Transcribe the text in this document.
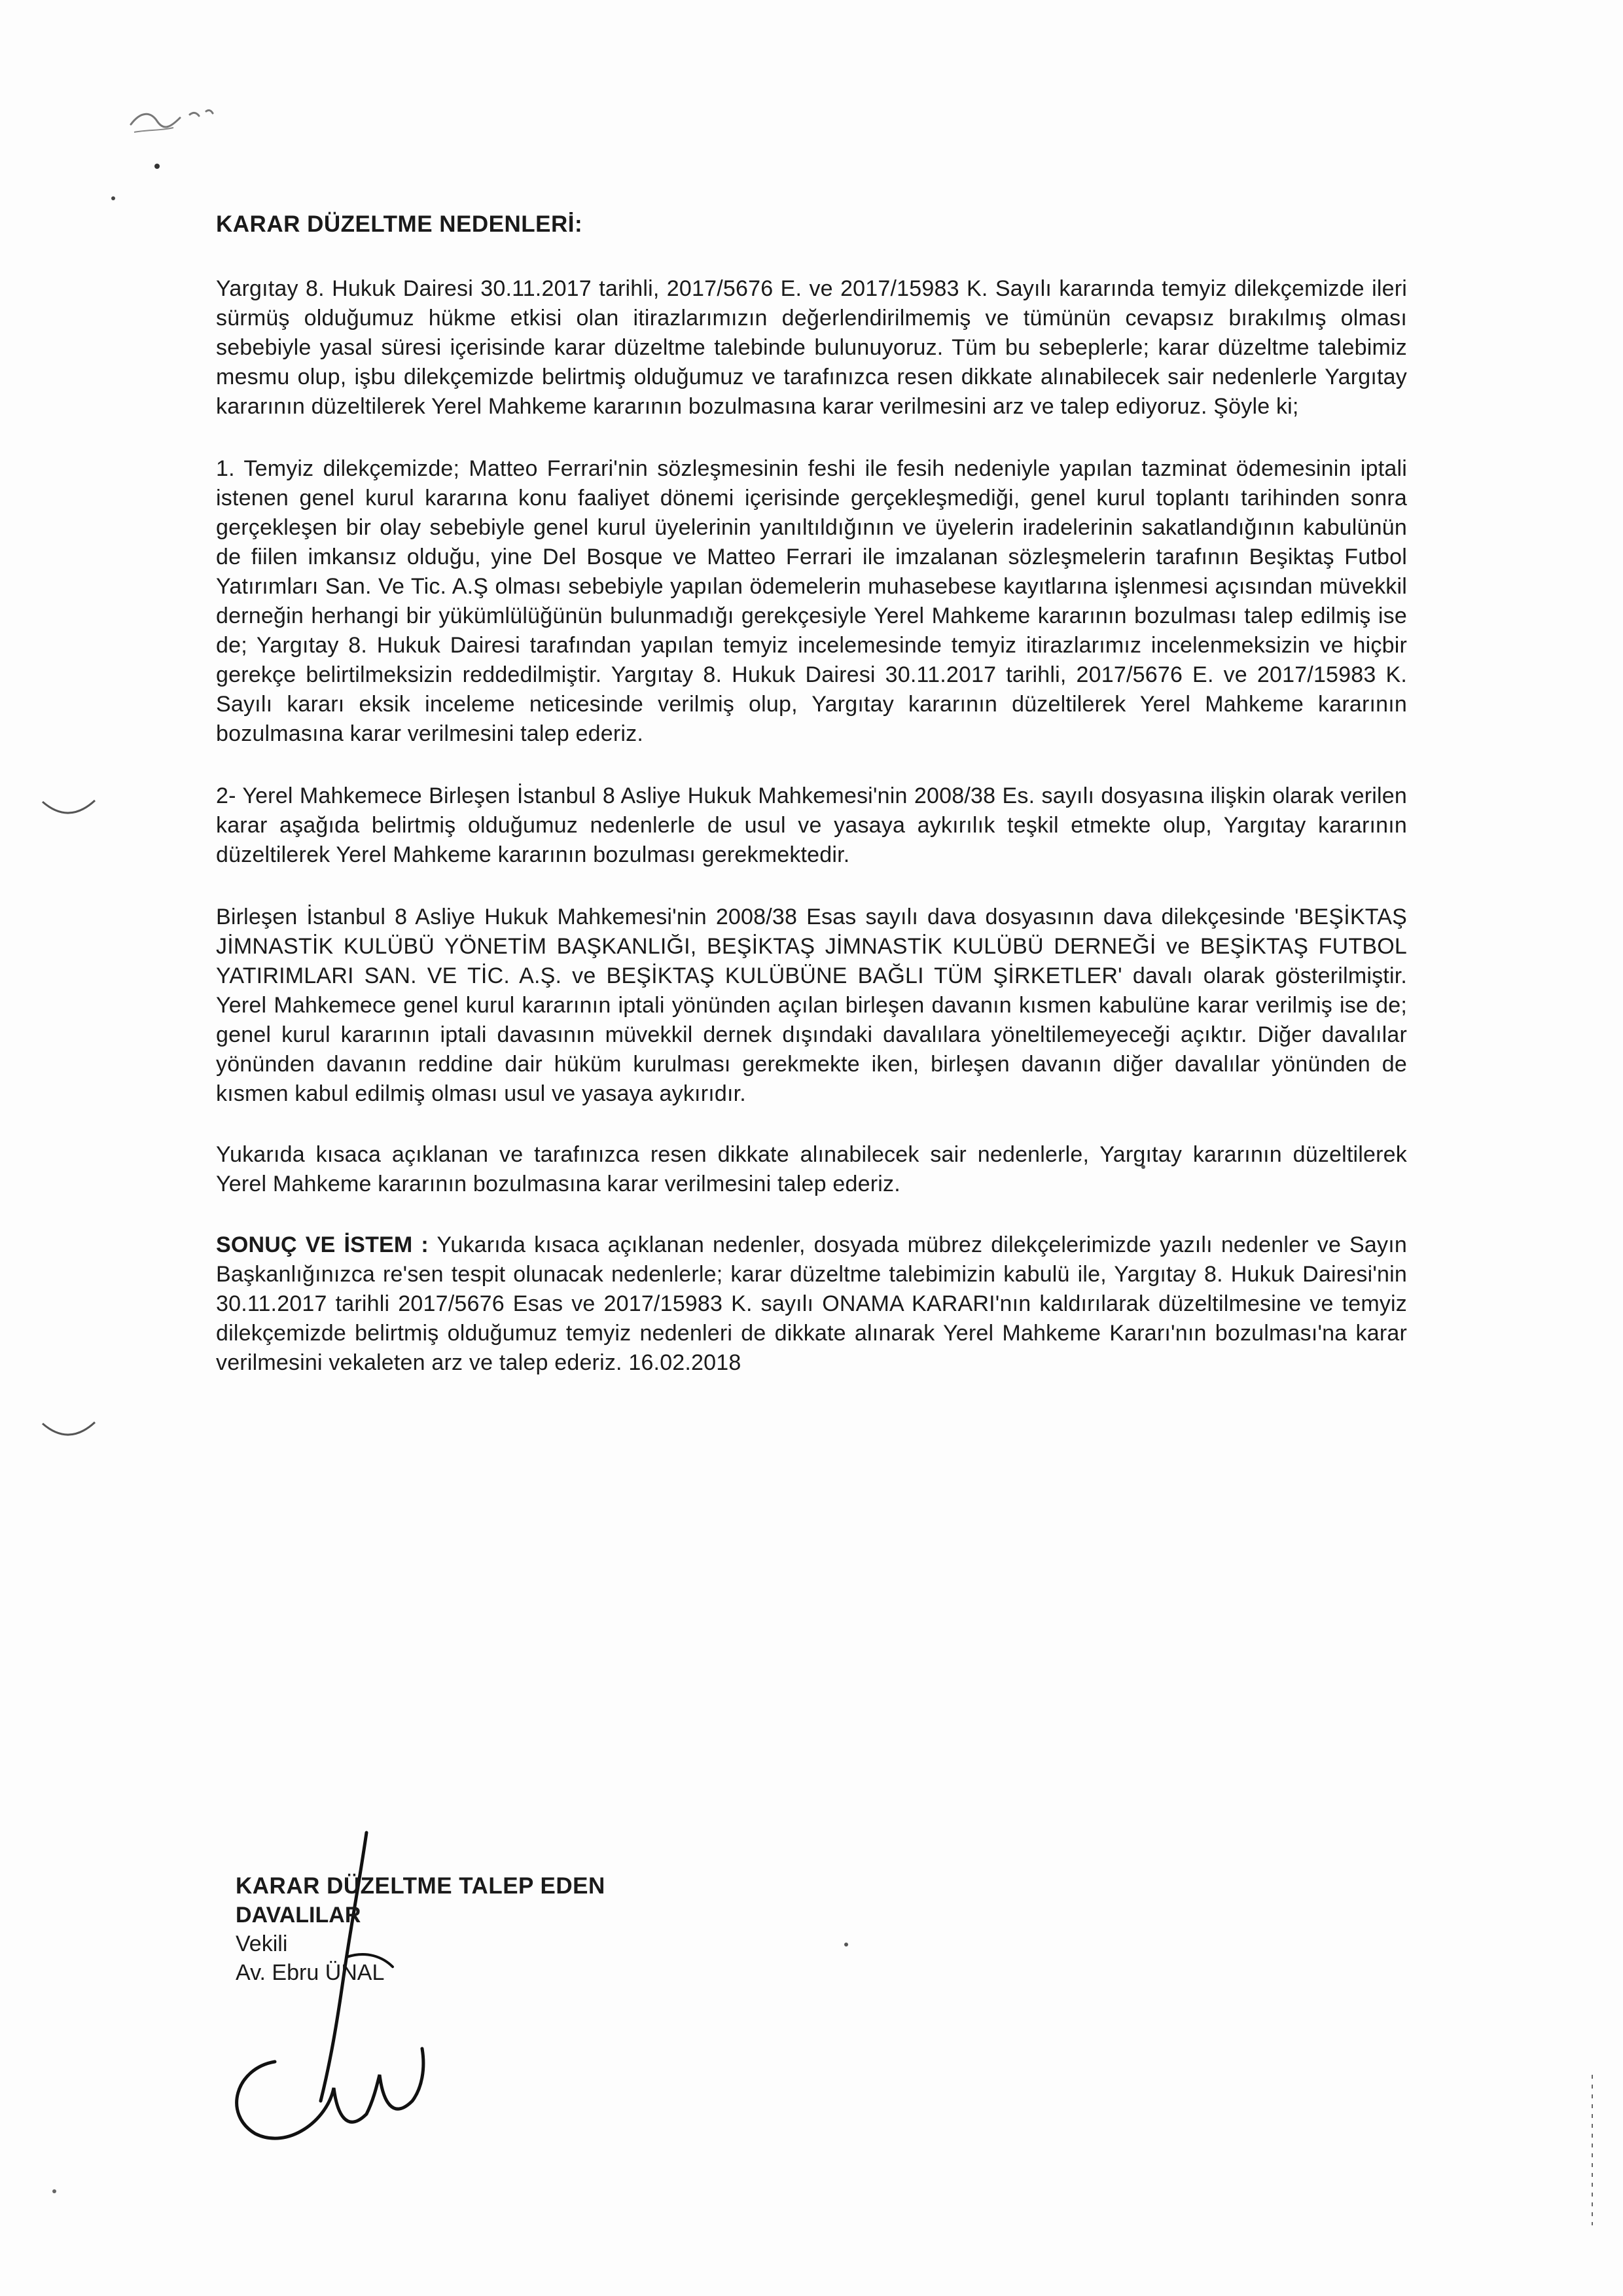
KARAR DÜZELTME NEDENLERİ:

Yargıtay 8. Hukuk Dairesi 30.11.2017 tarihli, 2017/5676 E. ve 2017/15983 K. Sayılı kararında temyiz dilekçemizde ileri sürmüş olduğumuz hükme etkisi olan itirazlarımızın değerlendirilmemiş ve tümünün cevapsız bırakılmış olması sebebiyle yasal süresi içerisinde karar düzeltme talebinde bulunuyoruz. Tüm bu sebeplerle; karar düzeltme talebimiz mesmu olup, işbu dilekçemizde belirtmiş olduğumuz ve tarafınızca resen dikkate alınabilecek sair nedenlerle Yargıtay kararının düzeltilerek Yerel Mahkeme kararının bozulmasına karar verilmesini arz ve talep ediyoruz. Şöyle ki;

1. Temyiz dilekçemizde; Matteo Ferrari'nin sözleşmesinin feshi ile fesih nedeniyle yapılan tazminat ödemesinin iptali istenen genel kurul kararına konu faaliyet dönemi içerisinde gerçekleşmediği, genel kurul toplantı tarihinden sonra gerçekleşen bir olay sebebiyle genel kurul üyelerinin yanıltıldığının ve üyelerin iradelerinin sakatlandığının kabulünün de fiilen imkansız olduğu, yine Del Bosque ve Matteo Ferrari ile imzalanan sözleşmelerin tarafının Beşiktaş Futbol Yatırımları San. Ve Tic. A.Ş olması sebebiyle yapılan ödemelerin muhasebese kayıtlarına işlenmesi açısından müvekkil derneğin herhangi bir yükümlülüğünün bulunmadığı gerekçesiyle Yerel Mahkeme kararının bozulması talep edilmiş ise de; Yargıtay 8. Hukuk Dairesi tarafından yapılan temyiz incelemesinde temyiz itirazlarımız incelenmeksizin ve hiçbir gerekçe belirtilmeksizin reddedilmiştir. Yargıtay 8. Hukuk Dairesi 30.11.2017 tarihli, 2017/5676 E. ve 2017/15983 K. Sayılı kararı eksik inceleme neticesinde verilmiş olup, Yargıtay kararının düzeltilerek Yerel Mahkeme kararının bozulmasına karar verilmesini talep ederiz.

2- Yerel Mahkemece Birleşen İstanbul 8 Asliye Hukuk Mahkemesi'nin 2008/38 Es. sayılı dosyasına ilişkin olarak verilen karar aşağıda belirtmiş olduğumuz nedenlerle de usul ve yasaya aykırılık teşkil etmekte olup, Yargıtay kararının düzeltilerek Yerel Mahkeme kararının bozulması gerekmektedir.

Birleşen İstanbul 8 Asliye Hukuk Mahkemesi'nin 2008/38 Esas sayılı dava dosyasının dava dilekçesinde 'BEŞİKTAŞ JİMNASTİK KULÜBÜ YÖNETİM BAŞKANLIĞI, BEŞİKTAŞ JİMNASTİK KULÜBÜ DERNEĞİ ve BEŞİKTAŞ FUTBOL YATIRIMLARI SAN. VE TİC. A.Ş. ve BEŞİKTAŞ KULÜBÜNE BAĞLI TÜM ŞİRKETLER' davalı olarak gösterilmiştir. Yerel Mahkemece genel kurul kararının iptali yönünden açılan birleşen davanın kısmen kabulüne karar verilmiş ise de; genel kurul kararının iptali davasının müvekkil dernek dışındaki davalılara yöneltilemeyeceği açıktır. Diğer davalılar yönünden davanın reddine dair hüküm kurulması gerekmekte iken, birleşen davanın diğer davalılar yönünden de kısmen kabul edilmiş olması usul ve yasaya aykırıdır.

Yukarıda kısaca açıklanan ve tarafınızca resen dikkate alınabilecek sair nedenlerle, Yargıtay kararının düzeltilerek Yerel Mahkeme kararının bozulmasına karar verilmesini talep ederiz.

SONUÇ VE İSTEM : Yukarıda kısaca açıklanan nedenler, dosyada mübrez dilekçelerimizde yazılı nedenler ve Sayın Başkanlığınızca re'sen tespit olunacak nedenlerle; karar düzeltme talebimizin kabulü ile, Yargıtay 8. Hukuk Dairesi'nin 30.11.2017 tarihli 2017/5676 Esas ve 2017/15983 K. sayılı ONAMA KARARI'nın kaldırılarak düzeltilmesine ve temyiz dilekçemizde belirtmiş olduğumuz temyiz nedenleri de dikkate alınarak Yerel Mahkeme Kararı'nın bozulması'na karar verilmesini vekaleten arz ve talep ederiz. 16.02.2018

KARAR DÜZELTME TALEP EDEN
DAVALILAR
Vekili
Av. Ebru ÜNAL
